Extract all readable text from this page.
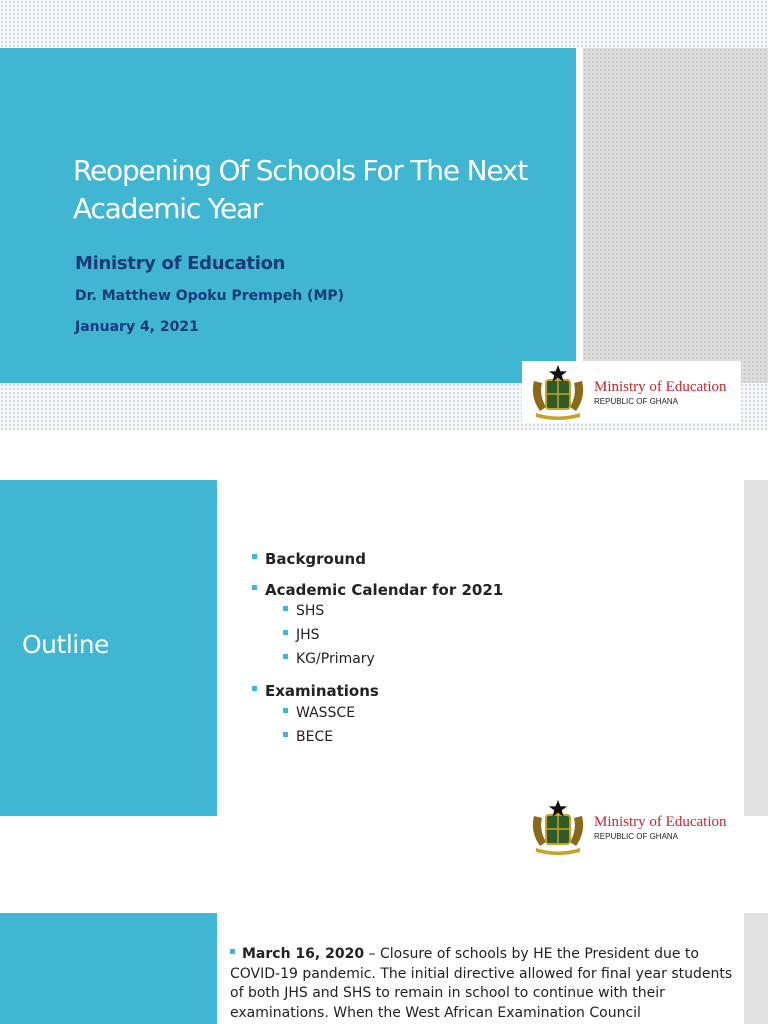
Reopening Of Schools For The Next Academic Year
Ministry of Education
Dr. Matthew Opoku Prempeh (MP)
January 4, 2021
Ministry of Education
REPUBLIC OF GHANA
Outline
Background
Academic Calendar for 2021
SHS
JHS
KG/Primary
Examinations
WASSCE
BECE
Ministry of Education
REPUBLIC OF GHANA
March 16, 2020 – Closure of schools by HE the President due to COVID-19 pandemic. The initial directive allowed for final year students of both JHS and SHS to remain in school to continue with their examinations. When the West African Examination Council
